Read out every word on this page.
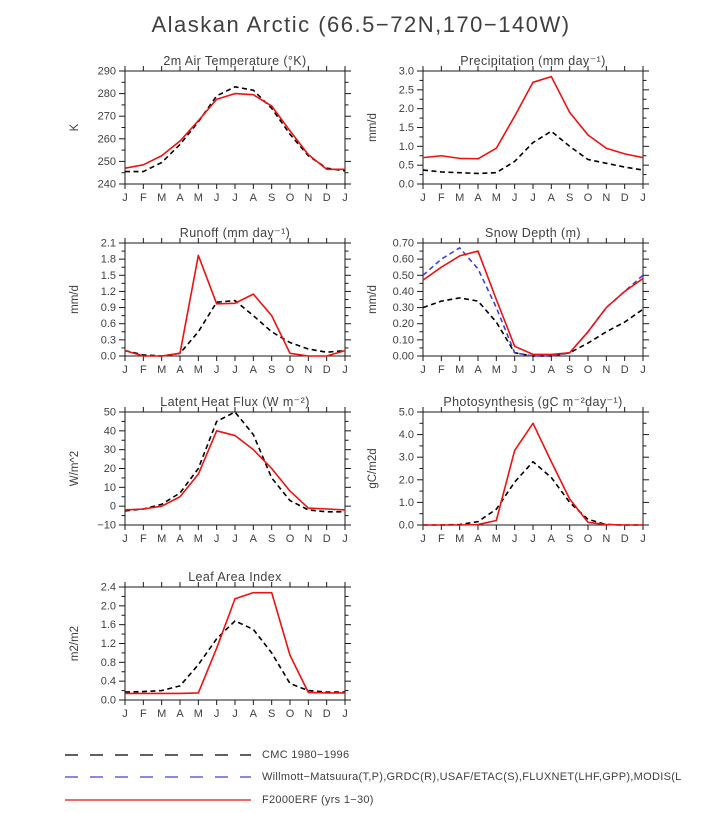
Alaskan Arctic (66.5−72N,170−140W)
2m Air Temperature (°K)
K
J F M A M J J A S O N D J
240
250
260
270
280
290
Precipitation (mm day⁻¹)
mm/d
J F M A M J J A S O N D J
0.0
0.5
1.0
1.5
2.0
2.5
3.0
Runoff (mm day⁻¹)
mm/d
J F M A M J J A S O N D J
0.0
0.3
0.6
0.9
1.2
1.5
1.8
2.1
Snow Depth (m)
mm/d
J F M A M J J A S O N D J
0.00
0.10
0.20
0.30
0.40
0.50
0.60
0.70
Latent Heat Flux (W m⁻²)
W/m^2
J F M A M J J A S O N D J
−10
0
10
20
30
40
50
Photosynthesis (gC m⁻²day⁻¹)
gC/m2d
J F M A M J J A S O N D J
0.0
1.0
2.0
3.0
4.0
5.0
Leaf Area Index
m2/m2
J F M A M J J A S O N D J
0.0
0.4
0.8
1.2
1.6
2.0
2.4
CMC 1980−1996
Willmott−Matsuura(T,P),GRDC(R),USAF/ETAC(S),FLUXNET(LHF,GPP),MODIS(L
F2000ERF (yrs 1−30)
